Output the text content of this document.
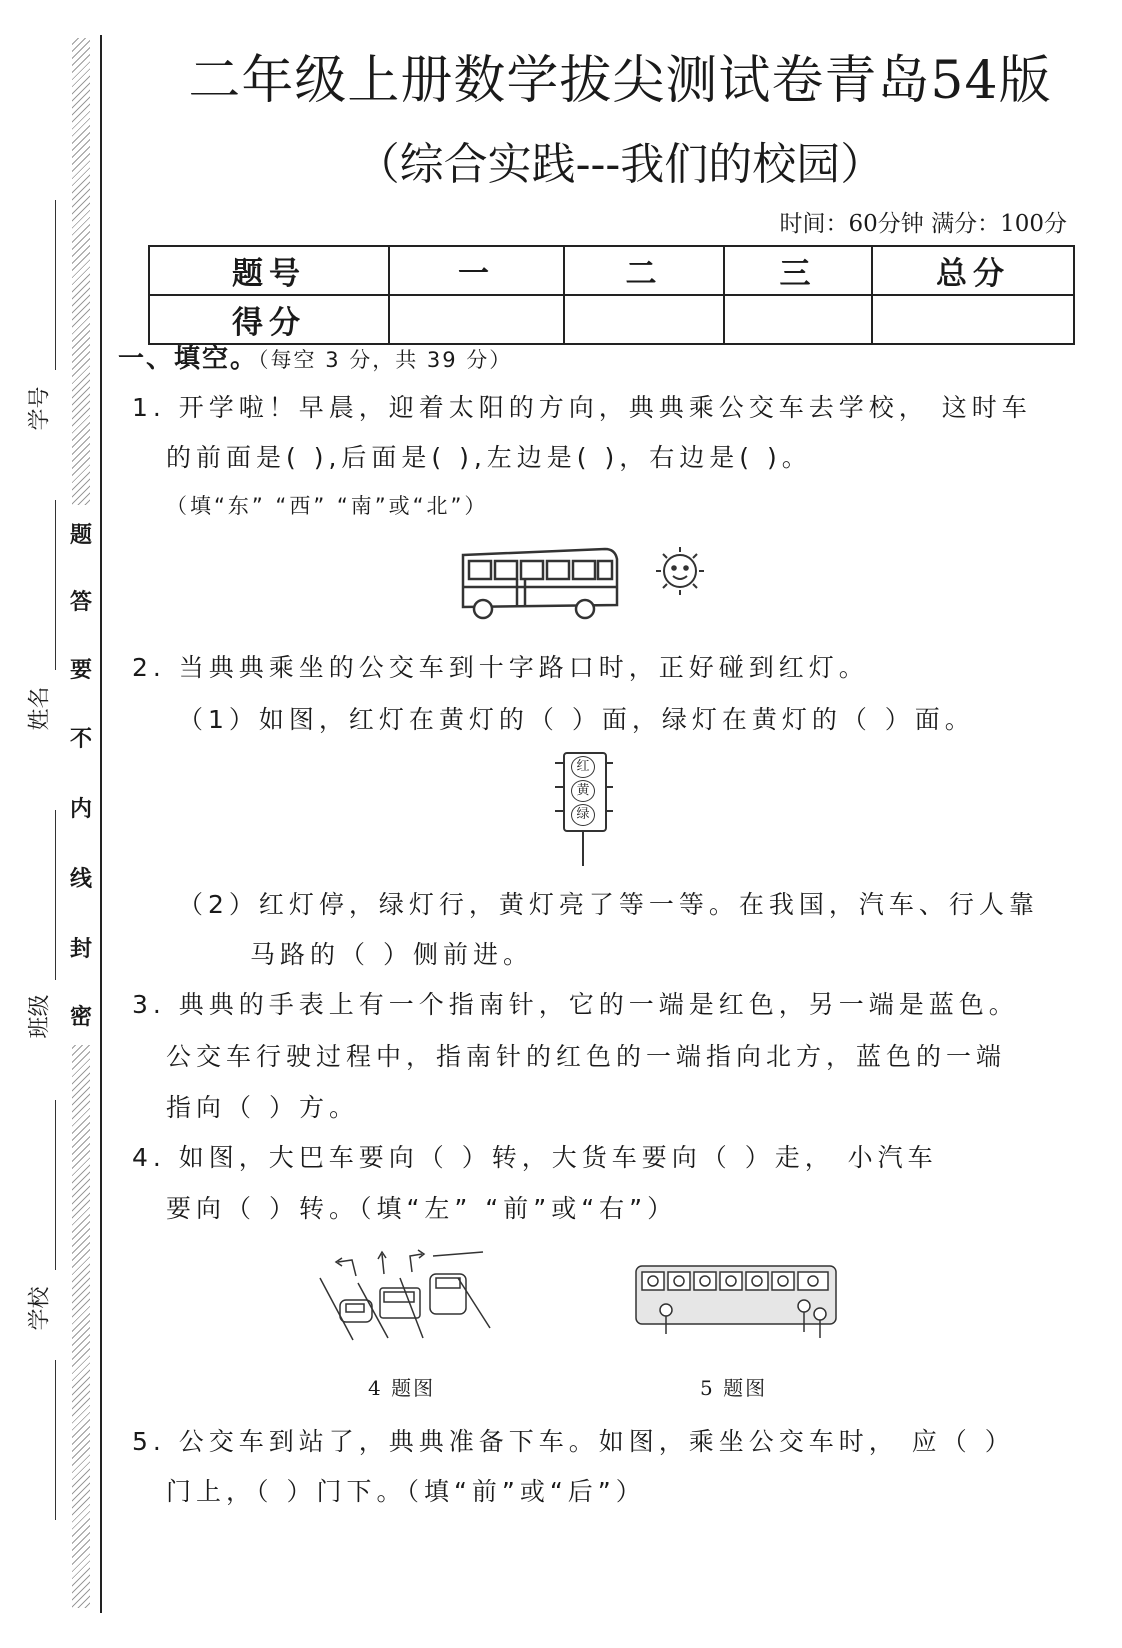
题
答
要
不
内
线
封
密
学号
姓名
班级
学校
二年级上册数学拔尖测试卷青岛54版
（综合实践---我们的校园）
时间：60分钟 满分：100分
题号	一	二	三	总分
得分				
一、填空。（每空 3 分，共 39 分）
1. 开学啦！早晨，迎着太阳的方向，典典乘公交车去学校， 这时车
的前面是( ),后面是( ),左边是( )，右边是( )。
（填“东” “西” “南”或“北”）
2. 当典典乘坐的公交车到十字路口时，正好碰到红灯。
（1）如图，红灯在黄灯的（ ）面，绿灯在黄灯的（ ）面。
红
黄
绿
（2）红灯停，绿灯行，黄灯亮了等一等。在我国，汽车、行人靠
马路的（ ）侧前进。
3. 典典的手表上有一个指南针，它的一端是红色，另一端是蓝色。
公交车行驶过程中，指南针的红色的一端指向北方，蓝色的一端
指向（ ）方。
4. 如图，大巴车要向（ ）转，大货车要向（ ）走， 小汽车
要向（ ）转。（填“左” “前”或“右”）
4 题图	5 题图
5. 公交车到站了，典典准备下车。如图，乘坐公交车时， 应（ ）
门上，（ ）门下。（填“前”或“后”）
